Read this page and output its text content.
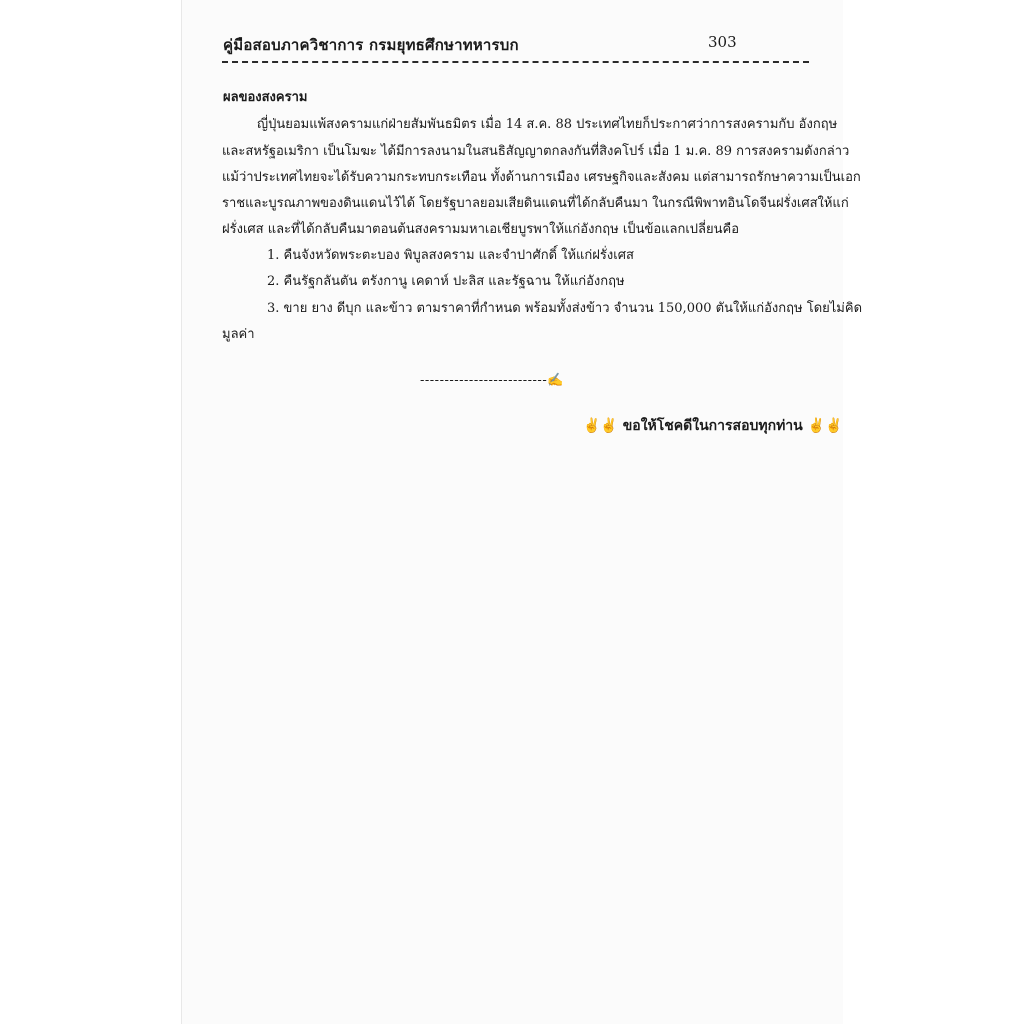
คู่มือสอบภาควิชาการ กรมยุทธศึกษาทหารบก	303
ผลของสงคราม
ญี่ปุ่นยอมแพ้สงครามแก่ฝ่ายสัมพันธมิตร เมื่อ 14 ส.ค. 88 ประเทศไทยก็ประกาศว่าการสงครามกับ อังกฤษ
และสหรัฐอเมริกา เป็นโมฆะ ได้มีการลงนามในสนธิสัญญาตกลงกันที่สิงคโปร์ เมื่อ 1 ม.ค. 89 การสงครามดังกล่าว
แม้ว่าประเทศไทยจะได้รับความกระทบกระเทือน ทั้งด้านการเมือง เศรษฐกิจและสังคม แต่สามารถรักษาความเป็นเอก
ราชและบูรณภาพของดินแดนไว้ได้ โดยรัฐบาลยอมเสียดินแดนที่ได้กลับคืนมา ในกรณีพิพาทอินโดจีนฝรั่งเศสให้แก่
ฝรั่งเศส และที่ได้กลับคืนมาตอนต้นสงครามมหาเอเชียบูรพาให้แก่อังกฤษ เป็นข้อแลกเปลี่ยนคือ
1. คืนจังหวัดพระตะบอง พิบูลสงคราม และจำปาศักดิ์ ให้แก่ฝรั่งเศส
2. คืนรัฐกลันตัน ตรังกานู เคดาห์ ปะลิส และรัฐฉาน ให้แก่อังกฤษ
3. ขาย ยาง ดีบุก และข้าว ตามราคาที่กำหนด พร้อมทั้งส่งข้าว จำนวน 150,000 ตันให้แก่อังกฤษ โดยไม่คิด
มูลค่า
--------------------------✍
✌✌ ขอให้โชคดีในการสอบทุกท่าน ✌✌
